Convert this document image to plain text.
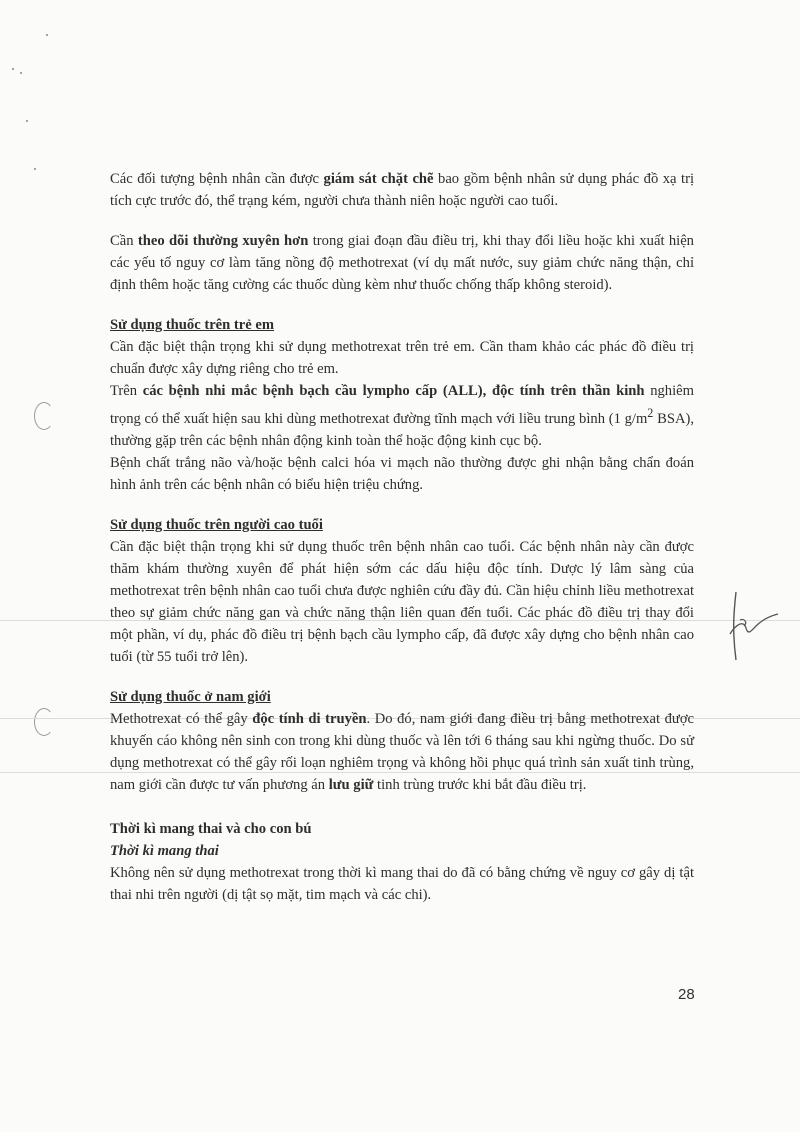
Các đối tượng bệnh nhân cần được giám sát chặt chẽ bao gồm bệnh nhân sử dụng phác đồ xạ trị tích cực trước đó, thể trạng kém, người chưa thành niên hoặc người cao tuổi.

Cần theo dõi thường xuyên hơn trong giai đoạn đầu điều trị, khi thay đổi liều hoặc khi xuất hiện các yếu tố nguy cơ làm tăng nồng độ methotrexat (ví dụ mất nước, suy giảm chức năng thận, chỉ định thêm hoặc tăng cường các thuốc dùng kèm như thuốc chống thấp không steroid).

Sử dụng thuốc trên trẻ em

Cần đặc biệt thận trọng khi sử dụng methotrexat trên trẻ em. Cần tham khảo các phác đồ điều trị chuẩn được xây dựng riêng cho trẻ em.

Trên các bệnh nhi mắc bệnh bạch cầu lympho cấp (ALL), độc tính trên thần kinh nghiêm trọng có thể xuất hiện sau khi dùng methotrexat đường tĩnh mạch với liều trung bình (1 $g/m^2$ BSA), thường gặp trên các bệnh nhân động kinh toàn thể hoặc động kinh cục bộ.

Bệnh chất trắng não và/hoặc bệnh calci hóa vi mạch não thường được ghi nhận bằng chẩn đoán hình ảnh trên các bệnh nhân có biểu hiện triệu chứng.

Sử dụng thuốc trên người cao tuổi

Cần đặc biệt thận trọng khi sử dụng thuốc trên bệnh nhân cao tuổi. Các bệnh nhân này cần được thăm khám thường xuyên để phát hiện sớm các dấu hiệu độc tính. Dược lý lâm sàng của methotrexat trên bệnh nhân cao tuổi chưa được nghiên cứu đầy đủ. Cần hiệu chỉnh liều methotrexat theo sự giảm chức năng gan và chức năng thận liên quan đến tuổi. Các phác đồ điều trị thay đổi một phần, ví dụ, phác đồ điều trị bệnh bạch cầu lympho cấp, đã được xây dựng cho bệnh nhân cao tuổi (từ 55 tuổi trở lên).

Sử dụng thuốc ở nam giới

Methotrexat có thể gây độc tính di truyền. Do đó, nam giới đang điều trị bằng methotrexat được khuyến cáo không nên sinh con trong khi dùng thuốc và lên tới 6 tháng sau khi ngừng thuốc. Do sử dụng methotrexat có thể gây rối loạn nghiêm trọng và không hồi phục quá trình sản xuất tinh trùng, nam giới cần được tư vấn phương án lưu giữ tinh trùng trước khi bắt đầu điều trị.

Thời kì mang thai và cho con bú

Thời kì mang thai

Không nên sử dụng methotrexat trong thời kì mang thai do đã có bằng chứng về nguy cơ gây dị tật thai nhi trên người (dị tật sọ mặt, tim mạch và các chi).

28
